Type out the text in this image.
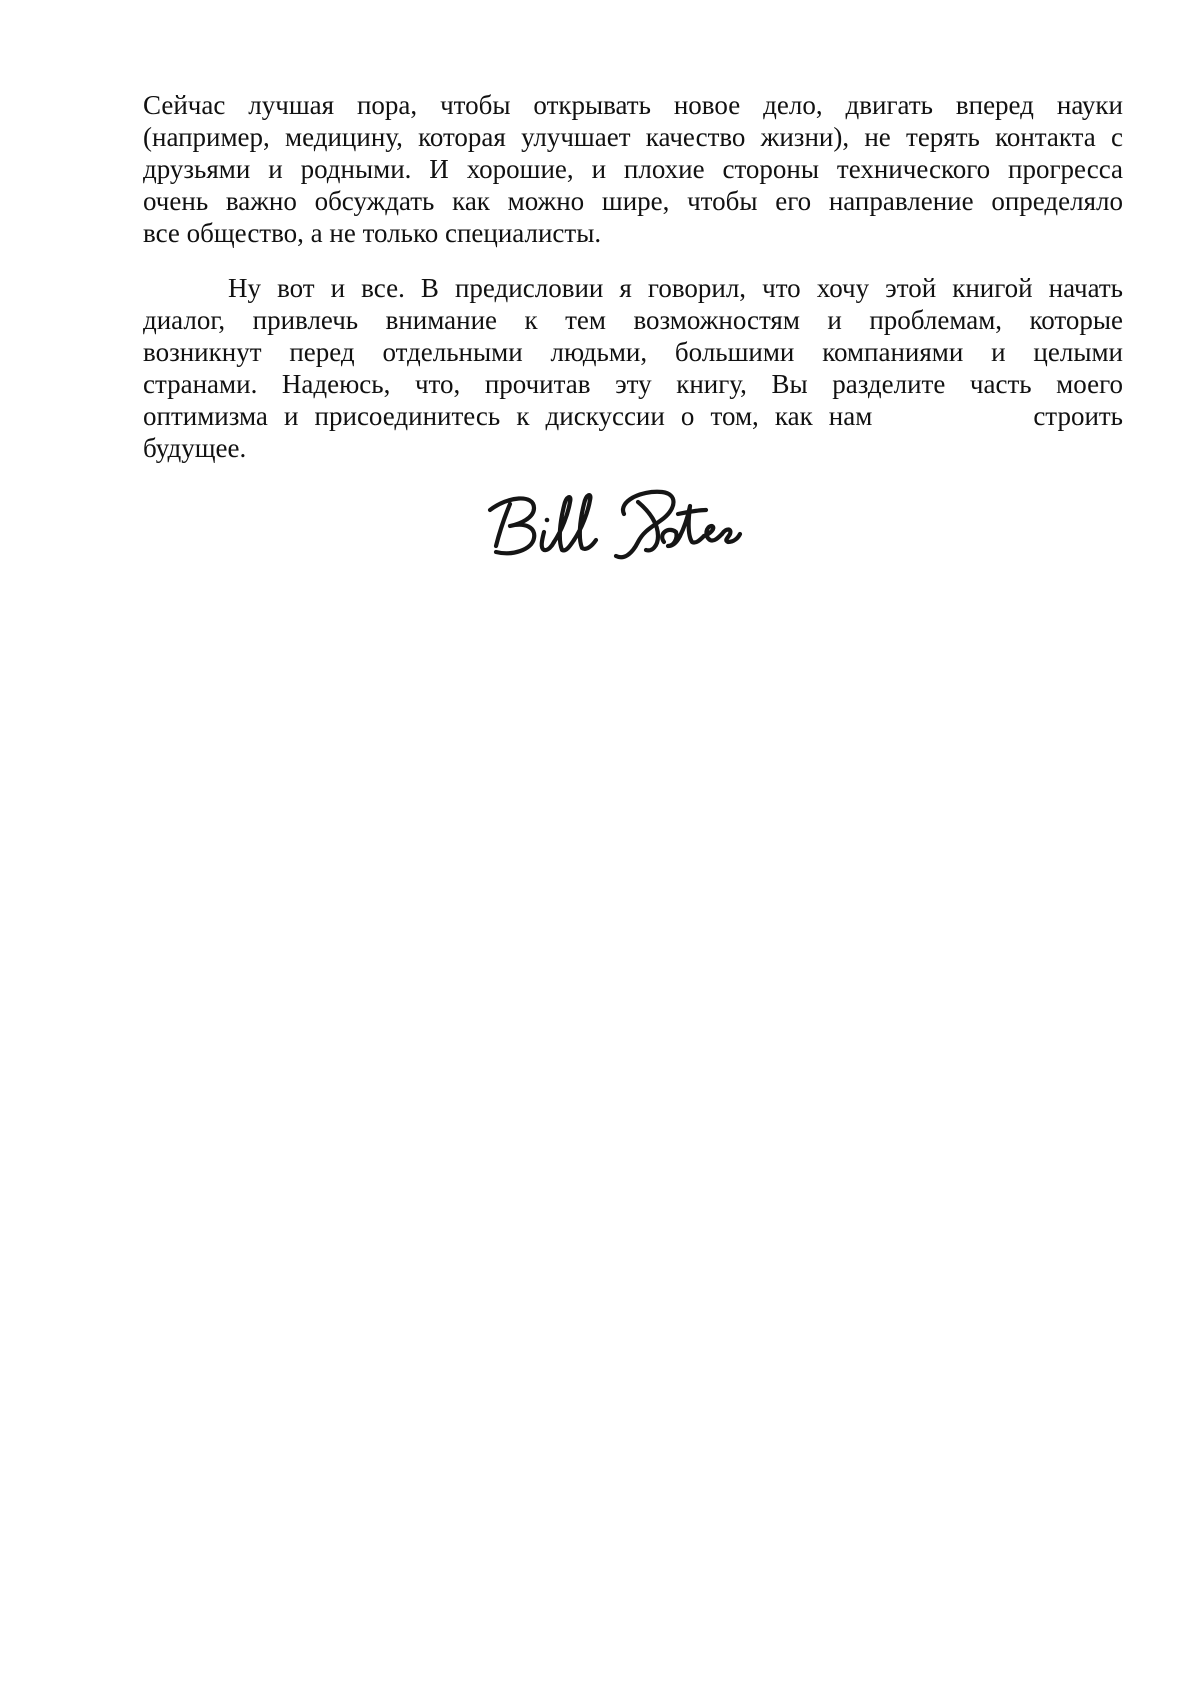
Сейчас лучшая пора, чтобы открывать новое дело, двигать вперед науки
(например, медицину, которая улучшает качество жизни), не терять контакта с
друзьями и родными. И хорошие, и плохие стороны технического прогресса
очень важно обсуждать как можно шире, чтобы его направление определяло
все общество, а не только специалисты.
Ну вот и все. В предисловии я говорил, что хочу этой книгой начать
диалог, привлечь внимание к тем возможностям и проблемам, которые
возникнут перед отдельными людьми, большими компаниями и целыми
странами. Надеюсь, что, прочитав эту книгу, Вы разделите часть моего
оптимизма и присоединитесь к дискуссии о том, как нам          строить
будущее.
